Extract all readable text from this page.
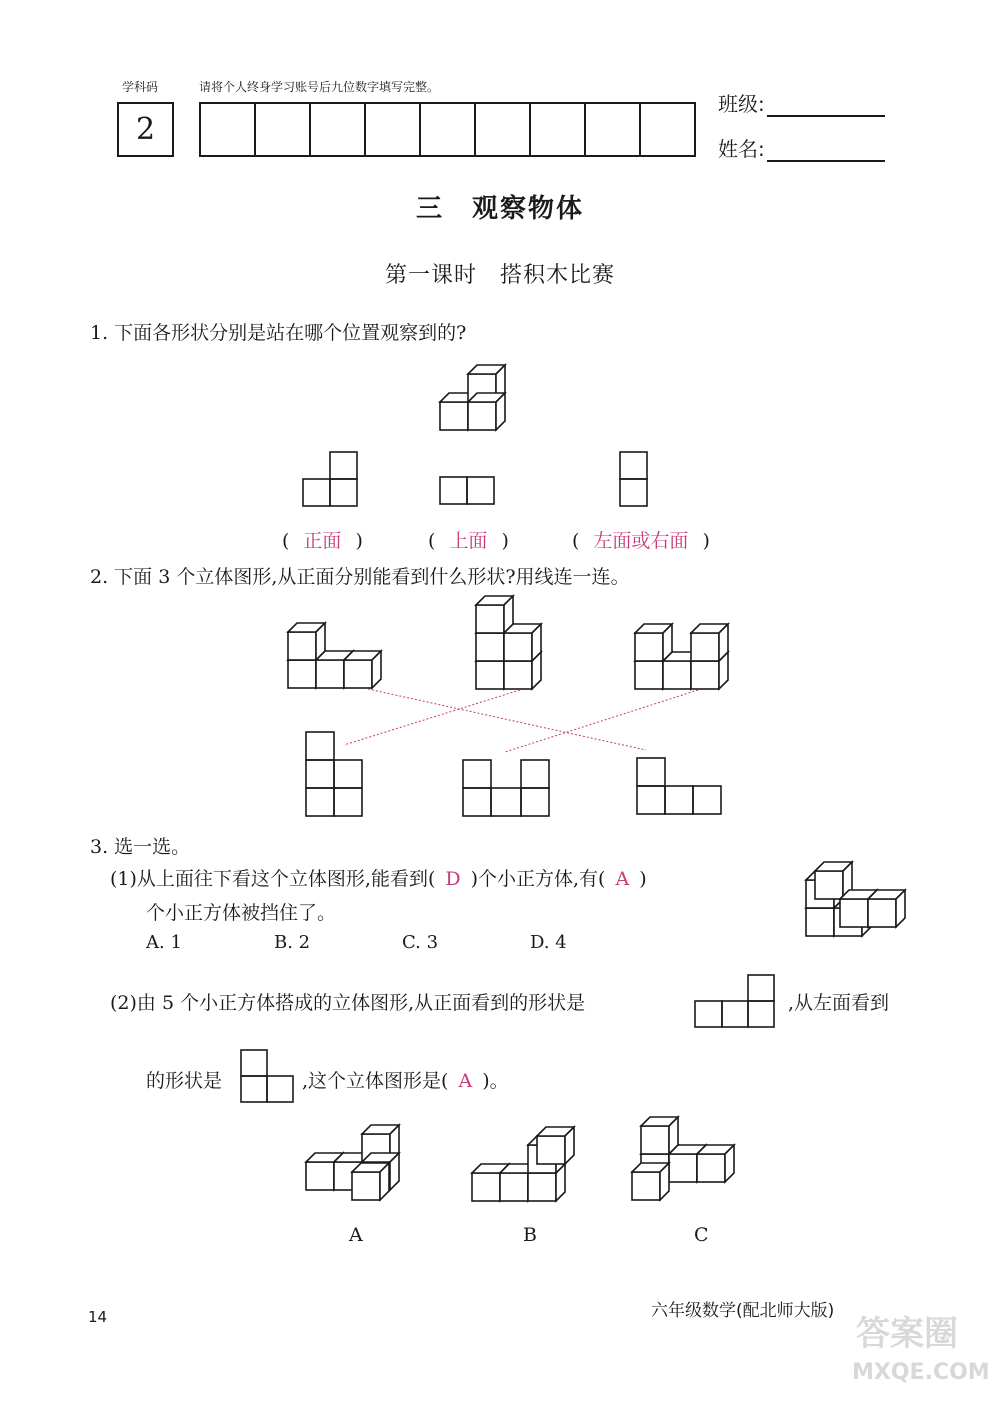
学科码	请将个人终身学习账号后九位数字填写完整。
2
班级:
姓名:
三　观察物体
第一课时　搭积木比赛
1. 下面各形状分别是站在哪个位置观察到的?
( 正面 )	( 上面 )	( 左面或右面 )
2. 下面 3 个立体图形,从正面分别能看到什么形状?用线连一连。
3. 选一选。
(1)从上面往下看这个立体图形,能看到( D )个小正方体,有( A )
个小正方体被挡住了。
A. 1	B. 2	C. 3	D. 4
(2)由 5 个小正方体搭成的立体图形,从正面看到的形状是	,从左面看到
的形状是	,这个立体图形是( A )。
A	B	C
14	六年级数学(配北师大版)
答案圈
MXQE.COM
